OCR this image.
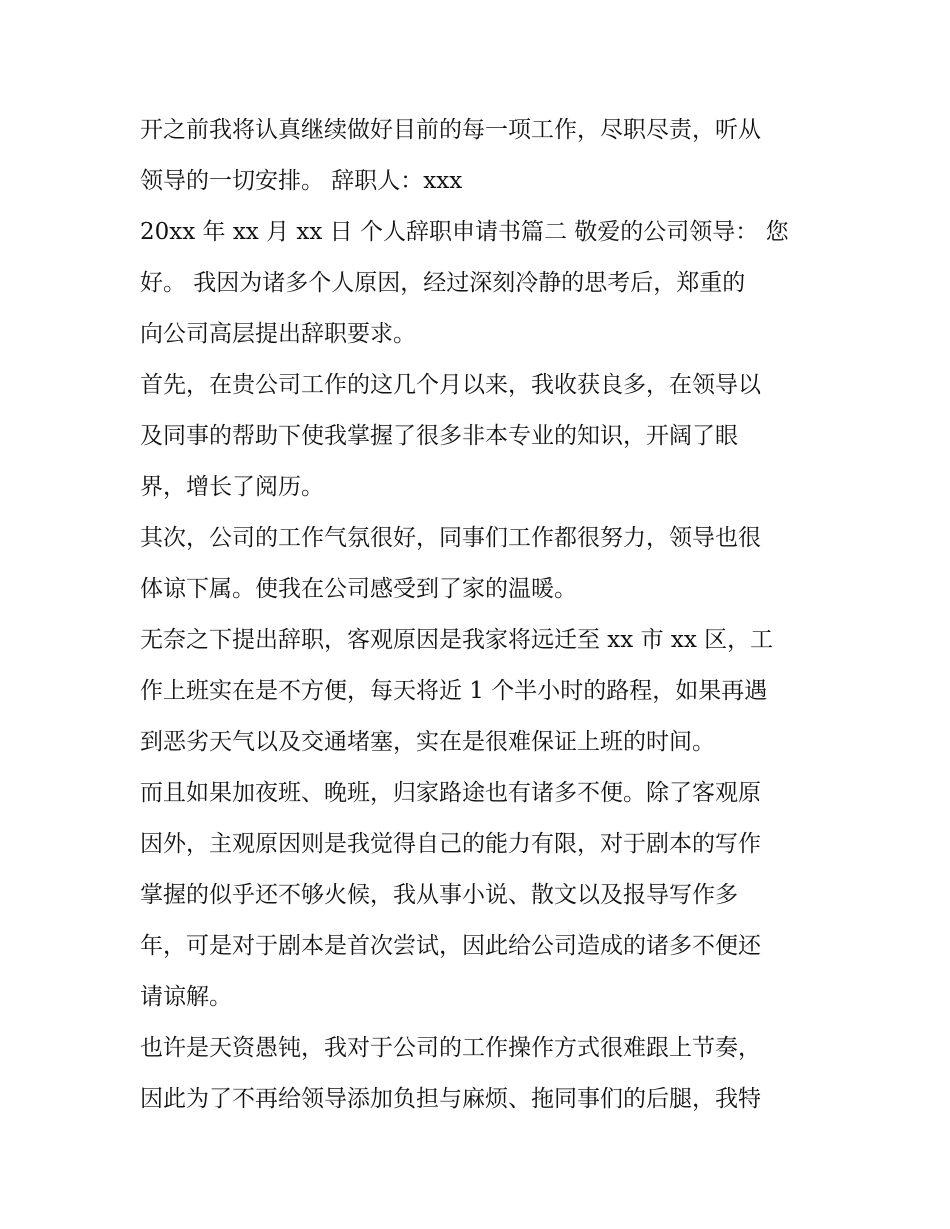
开之前我将认真继续做好目前的每一项工作，尽职尽责，听从
领导的一切安排。 辞职人：xxx
20xx 年 xx 月 xx 日 个人辞职申请书篇二 敬爱的公司领导： 您
好。 我因为诸多个人原因，经过深刻冷静的思考后，郑重的
向公司高层提出辞职要求。
首先，在贵公司工作的这几个月以来，我收获良多，在领导以
及同事的帮助下使我掌握了很多非本专业的知识，开阔了眼
界，增长了阅历。
其次，公司的工作气氛很好，同事们工作都很努力，领导也很
体谅下属。使我在公司感受到了家的温暖。
无奈之下提出辞职，客观原因是我家将远迁至 xx 市 xx 区，工
作上班实在是不方便，每天将近 1 个半小时的路程，如果再遇
到恶劣天气以及交通堵塞，实在是很难保证上班的时间。
而且如果加夜班、晚班，归家路途也有诸多不便。除了客观原
因外，主观原因则是我觉得自己的能力有限，对于剧本的写作
掌握的似乎还不够火候，我从事小说、散文以及报导写作多
年，可是对于剧本是首次尝试，因此给公司造成的诸多不便还
请谅解。
也许是天资愚钝，我对于公司的工作操作方式很难跟上节奏，
因此为了不再给领导添加负担与麻烦、拖同事们的后腿，我特
